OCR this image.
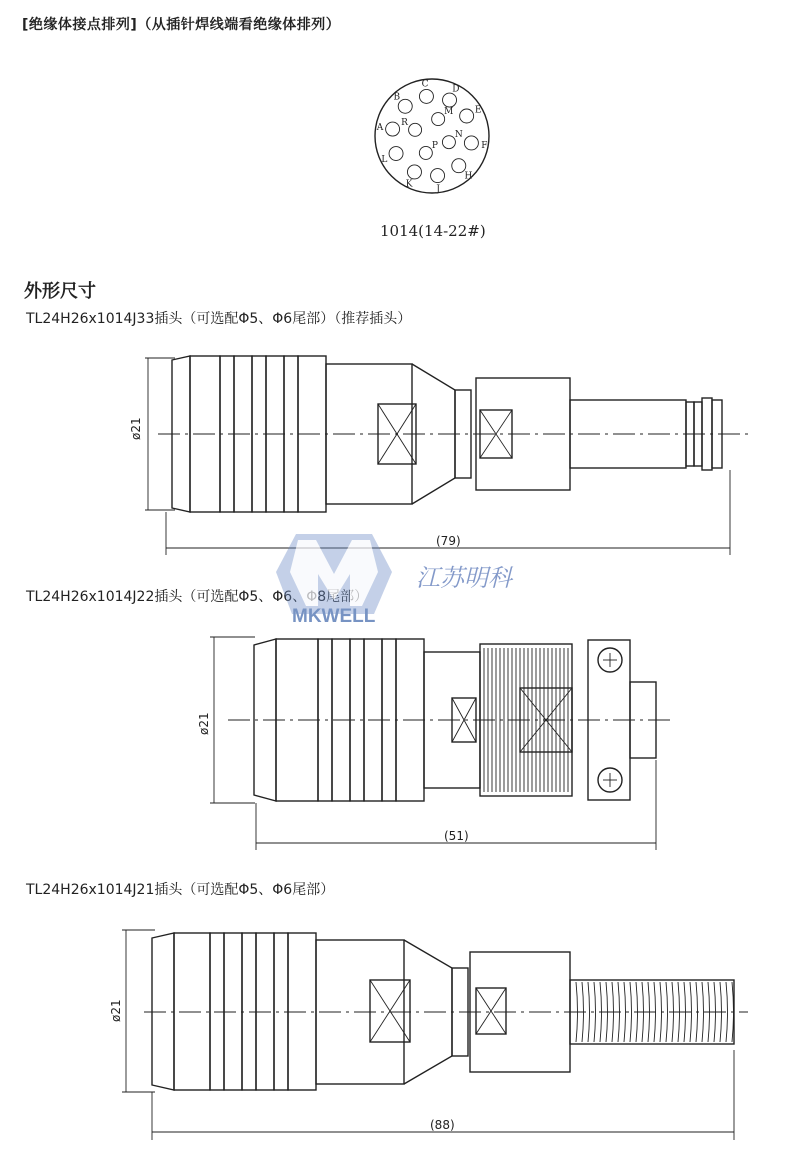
[绝缘体接点排列]（从插针焊线端看绝缘体排列）
1014(14-22#)
外形尺寸
TL24H26x1014J33插头（可选配Φ5、Φ6尾部）（推荐插头）
TL24H26x1014J22插头（可选配Φ5、Φ6、Φ8尾部）
TL24H26x1014J21插头（可选配Φ5、Φ6尾部）
A
B
C	D
E
F
H
J
K
L
M
N
P
R
ø21
(79)
ø21
(51)
ø21
(88)
MKWELL
江苏明科
